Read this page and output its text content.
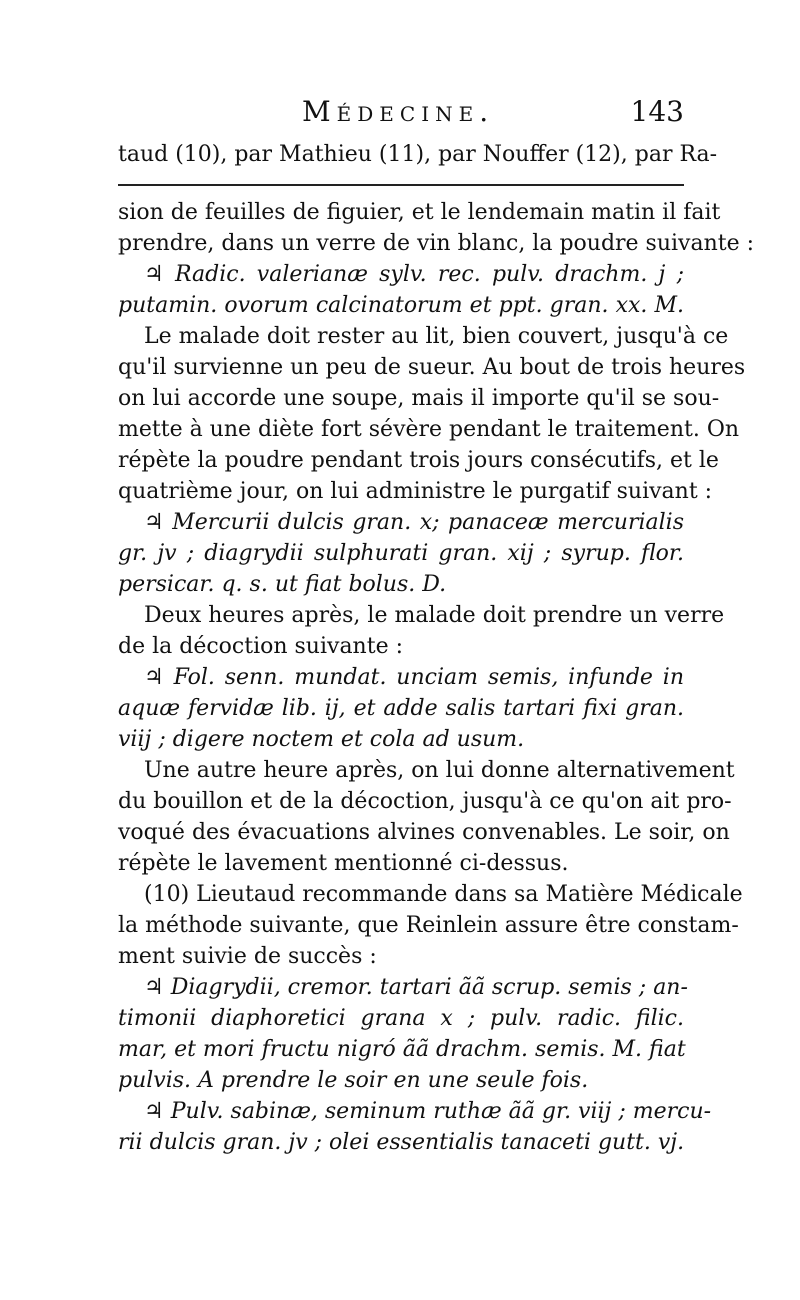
Médecine.	143
taud (10), par Mathieu (11), par Nouffer (12), par Ra-
sion de feuilles de figuier, et le lendemain matin il fait
prendre, dans un verre de vin blanc, la poudre suivante :
♃ Radic. valerianæ sylv. rec. pulv. drachm. j ;
putamin. ovorum calcinatorum et ppt. gran. xx. M.
Le malade doit rester au lit, bien couvert, jusqu'à ce
qu'il survienne un peu de sueur. Au bout de trois heures
on lui accorde une soupe, mais il importe qu'il se sou-
mette à une diète fort sévère pendant le traitement. On
répète la poudre pendant trois jours consécutifs, et le
quatrième jour, on lui administre le purgatif suivant :
♃ Mercurii dulcis gran. x; panaceæ mercurialis
gr. jv ; diagrydii sulphurati gran. xij ; syrup. flor.
persicar. q. s. ut fiat bolus. D.
Deux heures après, le malade doit prendre un verre
de la décoction suivante :
♃ Fol. senn. mundat. unciam semis, infunde in
aquæ fervidæ lib. ij, et adde salis tartari fixi gran.
viij ; digere noctem et cola ad usum.
Une autre heure après, on lui donne alternativement
du bouillon et de la décoction, jusqu'à ce qu'on ait pro-
voqué des évacuations alvines convenables. Le soir, on
répète le lavement mentionné ci-dessus.
(10) Lieutaud recommande dans sa Matière Médicale
la méthode suivante, que Reinlein assure être constam-
ment suivie de succès :
♃ Diagrydii, cremor. tartari ãã scrup. semis ; an-
timonii diaphoretici grana x ; pulv. radic. filic.
mar, et mori fructu nigró ãã drachm. semis. M. fiat
pulvis. A prendre le soir en une seule fois.
♃ Pulv. sabinæ, seminum ruthæ ãã gr. viij ; mercu-
rii dulcis gran. jv ; olei essentialis tanaceti gutt. vj.
